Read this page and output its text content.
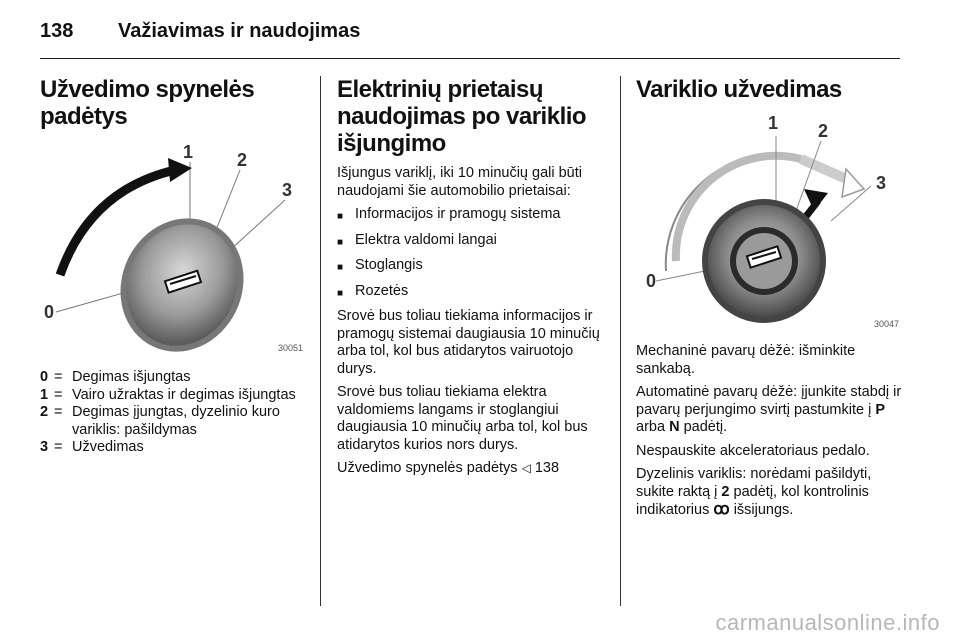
138 Važiavimas ir naudojimas
Užvedimo spynelės padėtys
0
1 2
3
30051
0 = Degimas išjungtas
1 = Vairo užraktas ir degimas išjungtas
2 = Degimas įjungtas, dyzelinio kuro variklis: pašildymas
3 = Užvedimas
Elektrinių prietaisų naudojimas po variklio išjungimo

Išjungus variklį, iki 10 minučių gali būti naudojami šie automobilio prietaisai:

■ Informacijos ir pramogų sistema
■ Elektra valdomi langai
■ Stoglangis
■ Rozetės

Srovė bus toliau tiekiama informacijos ir pramogų sistemai daugiausia 10 minučių arba tol, kol bus atidarytos vairuotojo durys.

Srovė bus toliau tiekiama elektra valdomiems langams ir stoglangiui daugiausia 10 minučių arba tol, kol bus atidarytos kurios nors durys.

Užvedimo spynelės padėtys ◁ 138

Variklio užvedimas
0
1 2
3
30047

Mechaninė pavarų dėžė: išminkite sankabą.

Automatinė pavarų dėžė: įjunkite stabdį ir pavarų perjungimo svirtį pastumkite į P arba N padėtį.

Nespauskite akceleratoriaus pedalo.

Dyzelinis variklis: norėdami pašildyti, sukite raktą į 2 padėtį, kol kontrolinis indikatorius ꝏ išsijungs.

carmanualsonline.info
